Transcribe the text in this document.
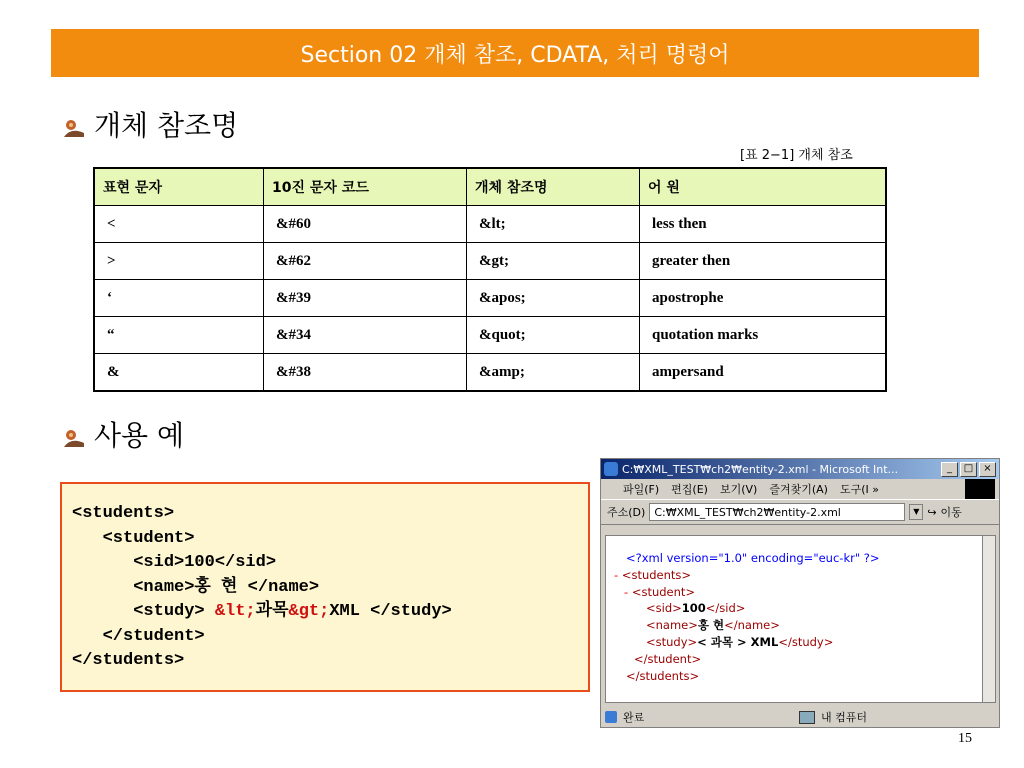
Section 02 개체 참조, CDATA, 처리 명령어
개체 참조명
[표 2−1] 개체 참조
표현 문자	10진 문자 코드	개체 참조명	어 원
<	&#60	&lt;	less then
>	&#62	&gt;	greater then
‘	&#39	&apos;	apostrophe
“	&#34	&quot;	quotation marks
&	&#38	&amp;	ampersand
사용 예
<students>
<student>
<sid>100</sid>
<name>홍 현 </name>
<study> &lt;과목&gt;XML </study>
</student>
</students>
C:₩XML_TEST₩ch2₩entity-2.xml - Microsoft Int...	_	□	×
파일(F) 편집(E) 보기(V) 즐겨찾기(A) 도구(I »
주소(D) C:₩XML_TEST₩ch2₩entity-2.xml	▼ ↪ 이동
<?xml version="1.0" encoding="euc-kr" ?>
- <students>
- <student>
<sid>100</sid>
<name>홍 현</name>
<study>< 과목 > XML</study>
</student>
</students>
완료	내 컴퓨터
15
